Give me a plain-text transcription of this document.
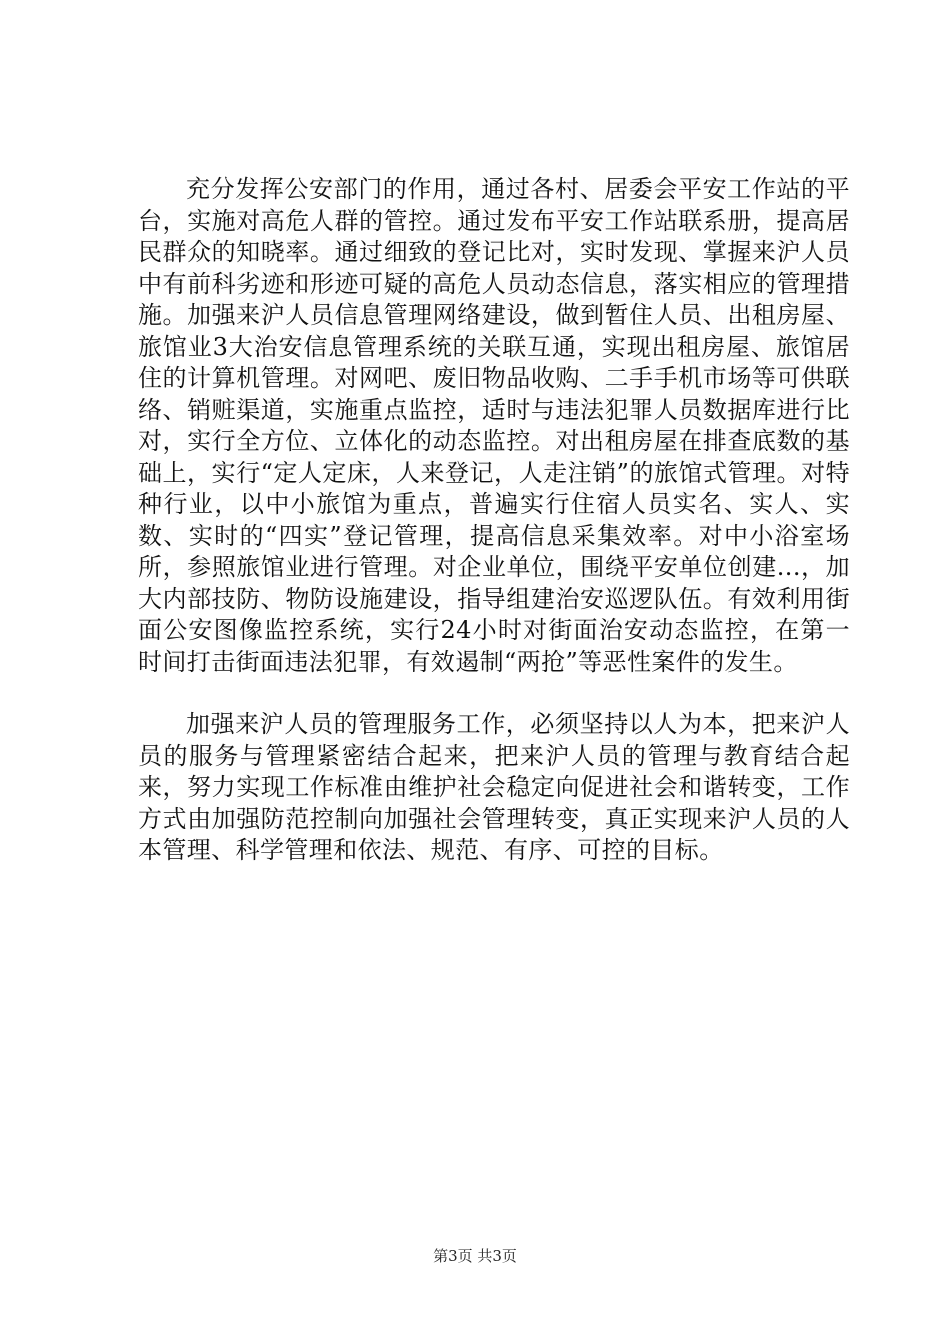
充分发挥公安部门的作用，通过各村、居委会平安工作站的平台，实施对高危人群的管控。通过发布平安工作站联系册，提高居民群众的知晓率。通过细致的登记比对，实时发现、掌握来沪人员中有前科劣迹和形迹可疑的高危人员动态信息，落实相应的管理措施。加强来沪人员信息管理网络建设，做到暂住人员、出租房屋、旅馆业3大治安信息管理系统的关联互通，实现出租房屋、旅馆居住的计算机管理。对网吧、废旧物品收购、二手手机市场等可供联络、销赃渠道，实施重点监控，适时与违法犯罪人员数据库进行比对，实行全方位、立体化的动态监控。对出租房屋在排查底数的基础上，实行“定人定床，人来登记，人走注销”的旅馆式管理。对特种行业，以中小旅馆为重点，普遍实行住宿人员实名、实人、实数、实时的“四实”登记管理，提高信息采集效率。对中小浴室场所，参照旅馆业进行管理。对企业单位，围绕平安单位创建...，加大内部技防、物防设施建设，指导组建治安巡逻队伍。有效利用街面公安图像监控系统，实行24小时对街面治安动态监控，在第一时间打击街面违法犯罪，有效遏制“两抢”等恶性案件的发生。

加强来沪人员的管理服务工作，必须坚持以人为本，把来沪人员的服务与管理紧密结合起来，把来沪人员的管理与教育结合起来，努力实现工作标准由维护社会稳定向促进社会和谐转变，工作方式由加强防范控制向加强社会管理转变，真正实现来沪人员的人本管理、科学管理和依法、规范、有序、可控的目标。

第3页 共3页
